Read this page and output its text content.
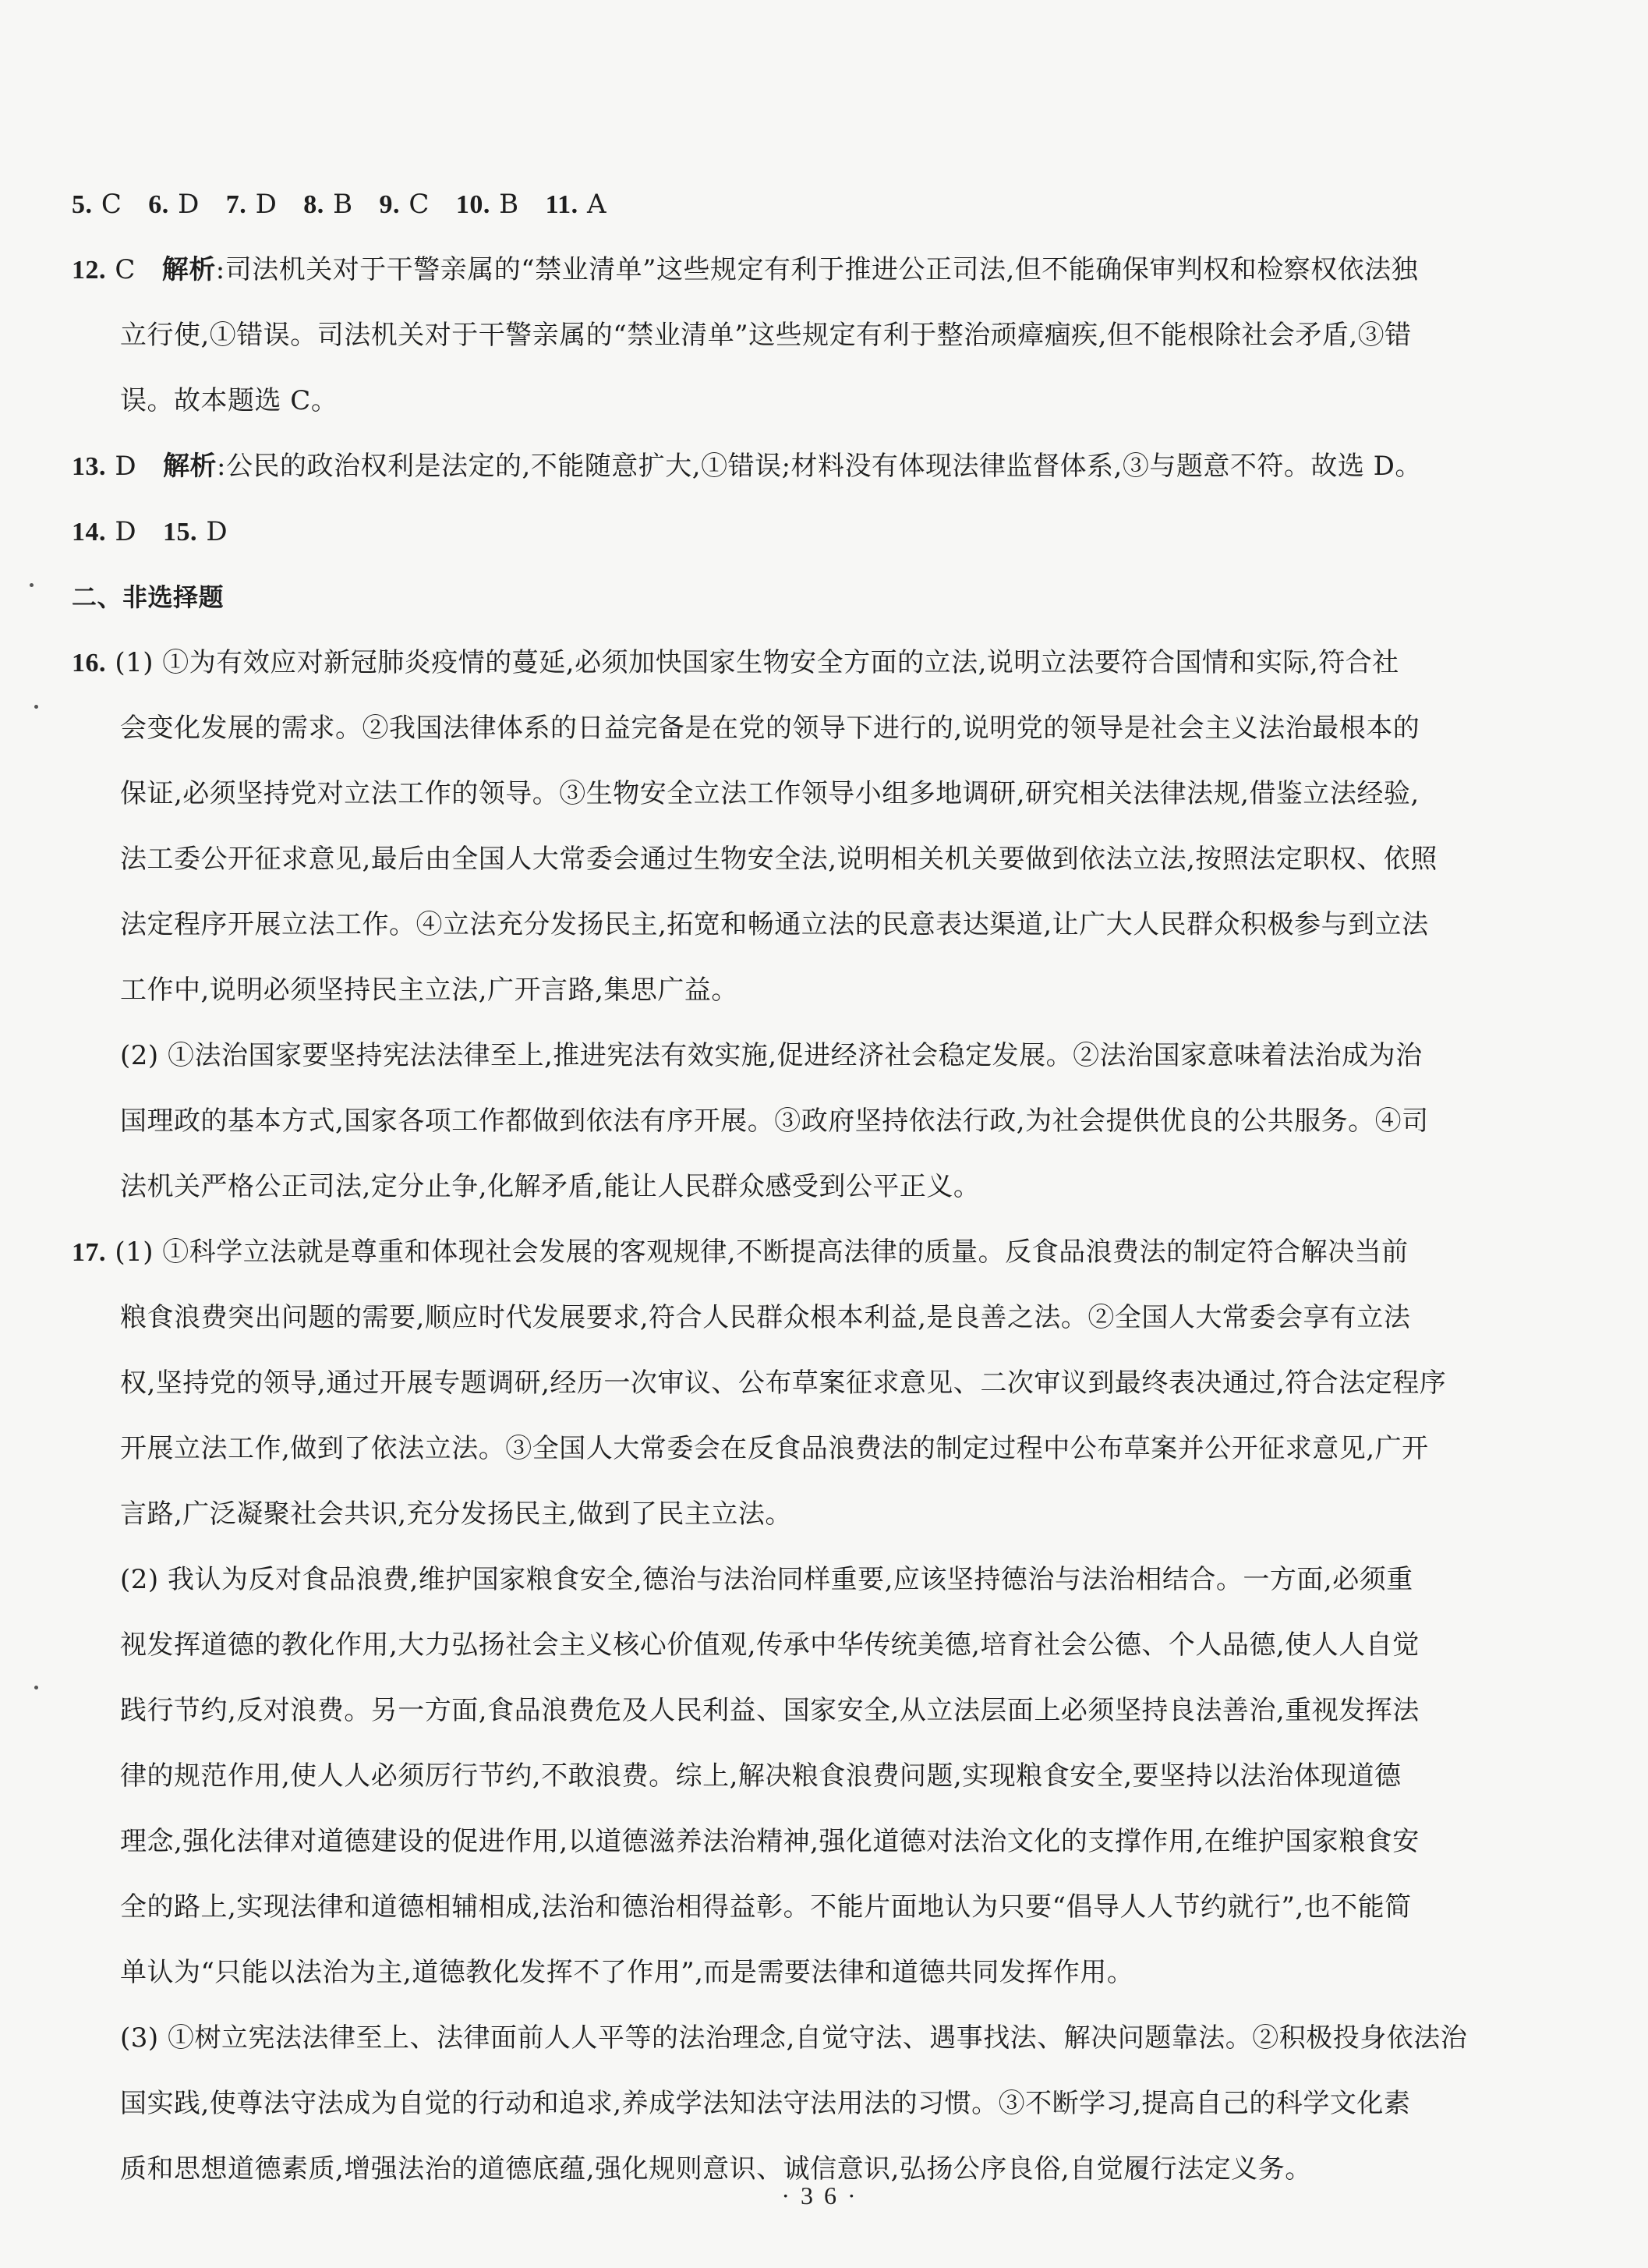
5. C 6. D 7. D 8. B 9. C 10. B 11. A
12. C 解析:司法机关对于干警亲属的“禁业清单”这些规定有利于推进公正司法,但不能确保审判权和检察权依法独
立行使,①错误。司法机关对于干警亲属的“禁业清单”这些规定有利于整治顽瘴痼疾,但不能根除社会矛盾,③错
误。故本题选 C。
13. D 解析:公民的政治权利是法定的,不能随意扩大,①错误;材料没有体现法律监督体系,③与题意不符。故选 D。
14. D 15. D
二、非选择题
16. (1) ①为有效应对新冠肺炎疫情的蔓延,必须加快国家生物安全方面的立法,说明立法要符合国情和实际,符合社
会变化发展的需求。②我国法律体系的日益完备是在党的领导下进行的,说明党的领导是社会主义法治最根本的
保证,必须坚持党对立法工作的领导。③生物安全立法工作领导小组多地调研,研究相关法律法规,借鉴立法经验,
法工委公开征求意见,最后由全国人大常委会通过生物安全法,说明相关机关要做到依法立法,按照法定职权、依照
法定程序开展立法工作。④立法充分发扬民主,拓宽和畅通立法的民意表达渠道,让广大人民群众积极参与到立法
工作中,说明必须坚持民主立法,广开言路,集思广益。
(2) ①法治国家要坚持宪法法律至上,推进宪法有效实施,促进经济社会稳定发展。②法治国家意味着法治成为治
国理政的基本方式,国家各项工作都做到依法有序开展。③政府坚持依法行政,为社会提供优良的公共服务。④司
法机关严格公正司法,定分止争,化解矛盾,能让人民群众感受到公平正义。
17. (1) ①科学立法就是尊重和体现社会发展的客观规律,不断提高法律的质量。反食品浪费法的制定符合解决当前
粮食浪费突出问题的需要,顺应时代发展要求,符合人民群众根本利益,是良善之法。②全国人大常委会享有立法
权,坚持党的领导,通过开展专题调研,经历一次审议、公布草案征求意见、二次审议到最终表决通过,符合法定程序
开展立法工作,做到了依法立法。③全国人大常委会在反食品浪费法的制定过程中公布草案并公开征求意见,广开
言路,广泛凝聚社会共识,充分发扬民主,做到了民主立法。
(2) 我认为反对食品浪费,维护国家粮食安全,德治与法治同样重要,应该坚持德治与法治相结合。一方面,必须重
视发挥道德的教化作用,大力弘扬社会主义核心价值观,传承中华传统美德,培育社会公德、个人品德,使人人自觉
践行节约,反对浪费。另一方面,食品浪费危及人民利益、国家安全,从立法层面上必须坚持良法善治,重视发挥法
律的规范作用,使人人必须厉行节约,不敢浪费。综上,解决粮食浪费问题,实现粮食安全,要坚持以法治体现道德
理念,强化法律对道德建设的促进作用,以道德滋养法治精神,强化道德对法治文化的支撑作用,在维护国家粮食安
全的路上,实现法律和道德相辅相成,法治和德治相得益彰。不能片面地认为只要“倡导人人节约就行”,也不能简
单认为“只能以法治为主,道德教化发挥不了作用”,而是需要法律和道德共同发挥作用。
(3) ①树立宪法法律至上、法律面前人人平等的法治理念,自觉守法、遇事找法、解决问题靠法。②积极投身依法治
国实践,使尊法守法成为自觉的行动和追求,养成学法知法守法用法的习惯。③不断学习,提高自己的科学文化素
质和思想道德素质,增强法治的道德底蕴,强化规则意识、诚信意识,弘扬公序良俗,自觉履行法定义务。
·36·
